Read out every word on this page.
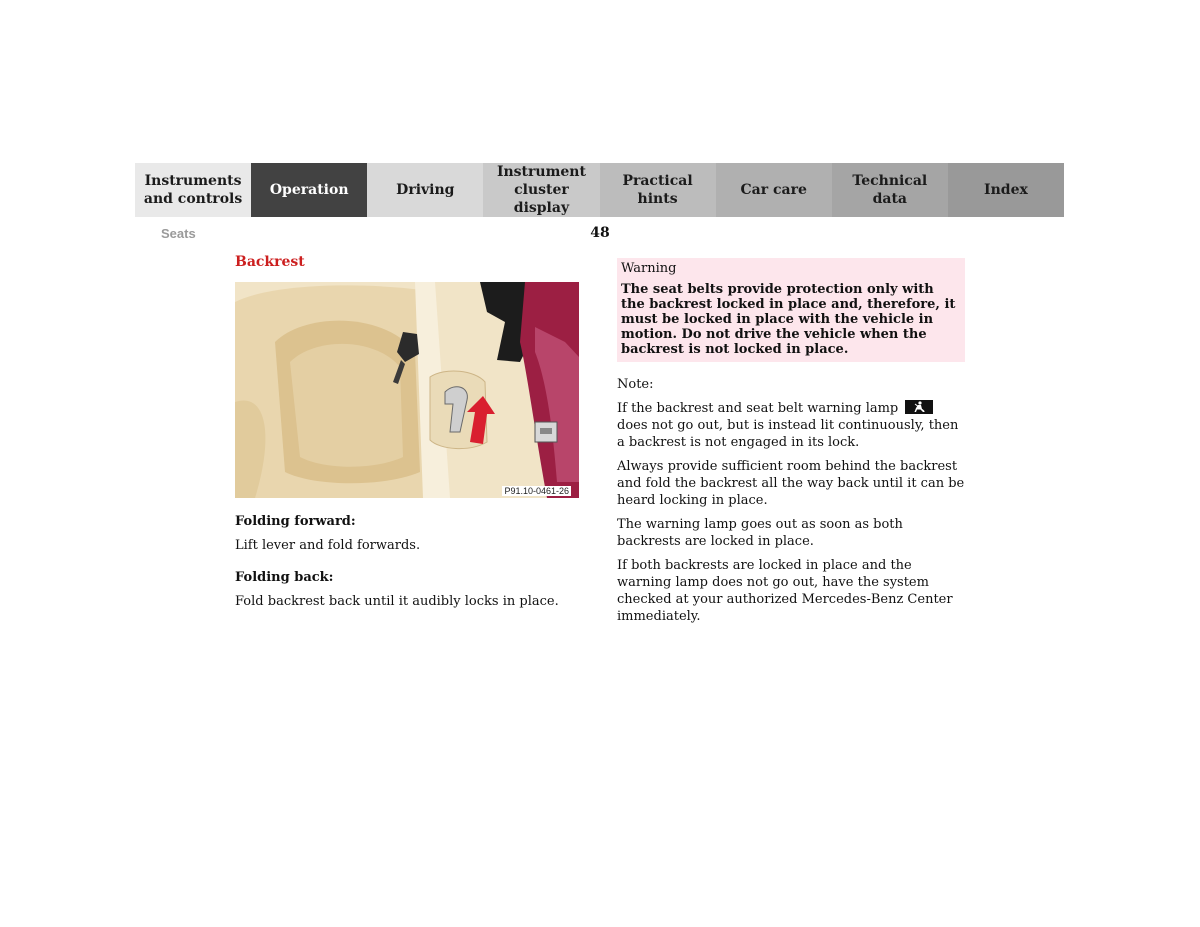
Instruments
and controls
Operation	Driving
Instrument
cluster display
Practical hints
Car care
Technical
data
Index
Seats	48
Backrest
P91.10-0461-26
Folding forward:

Lift lever and fold forwards.

Folding back:

Fold backrest back until it audibly locks in place.

Warning

The seat belts provide protection only with the backrest locked in place and, therefore, it must be locked in place with the vehicle in motion. Do not drive the vehicle when the backrest is not locked in place.

Note:

If the backrest and seat belt warning lamp
does not go out, but is instead lit continuously, then a backrest is not engaged in its lock.

Always provide sufficient room behind the backrest and fold the backrest all the way back until it can be heard locking in place.

The warning lamp goes out as soon as both backrests are locked in place.

If both backrests are locked in place and the warning lamp does not go out, have the system checked at your authorized Mercedes-Benz Center immediately.
